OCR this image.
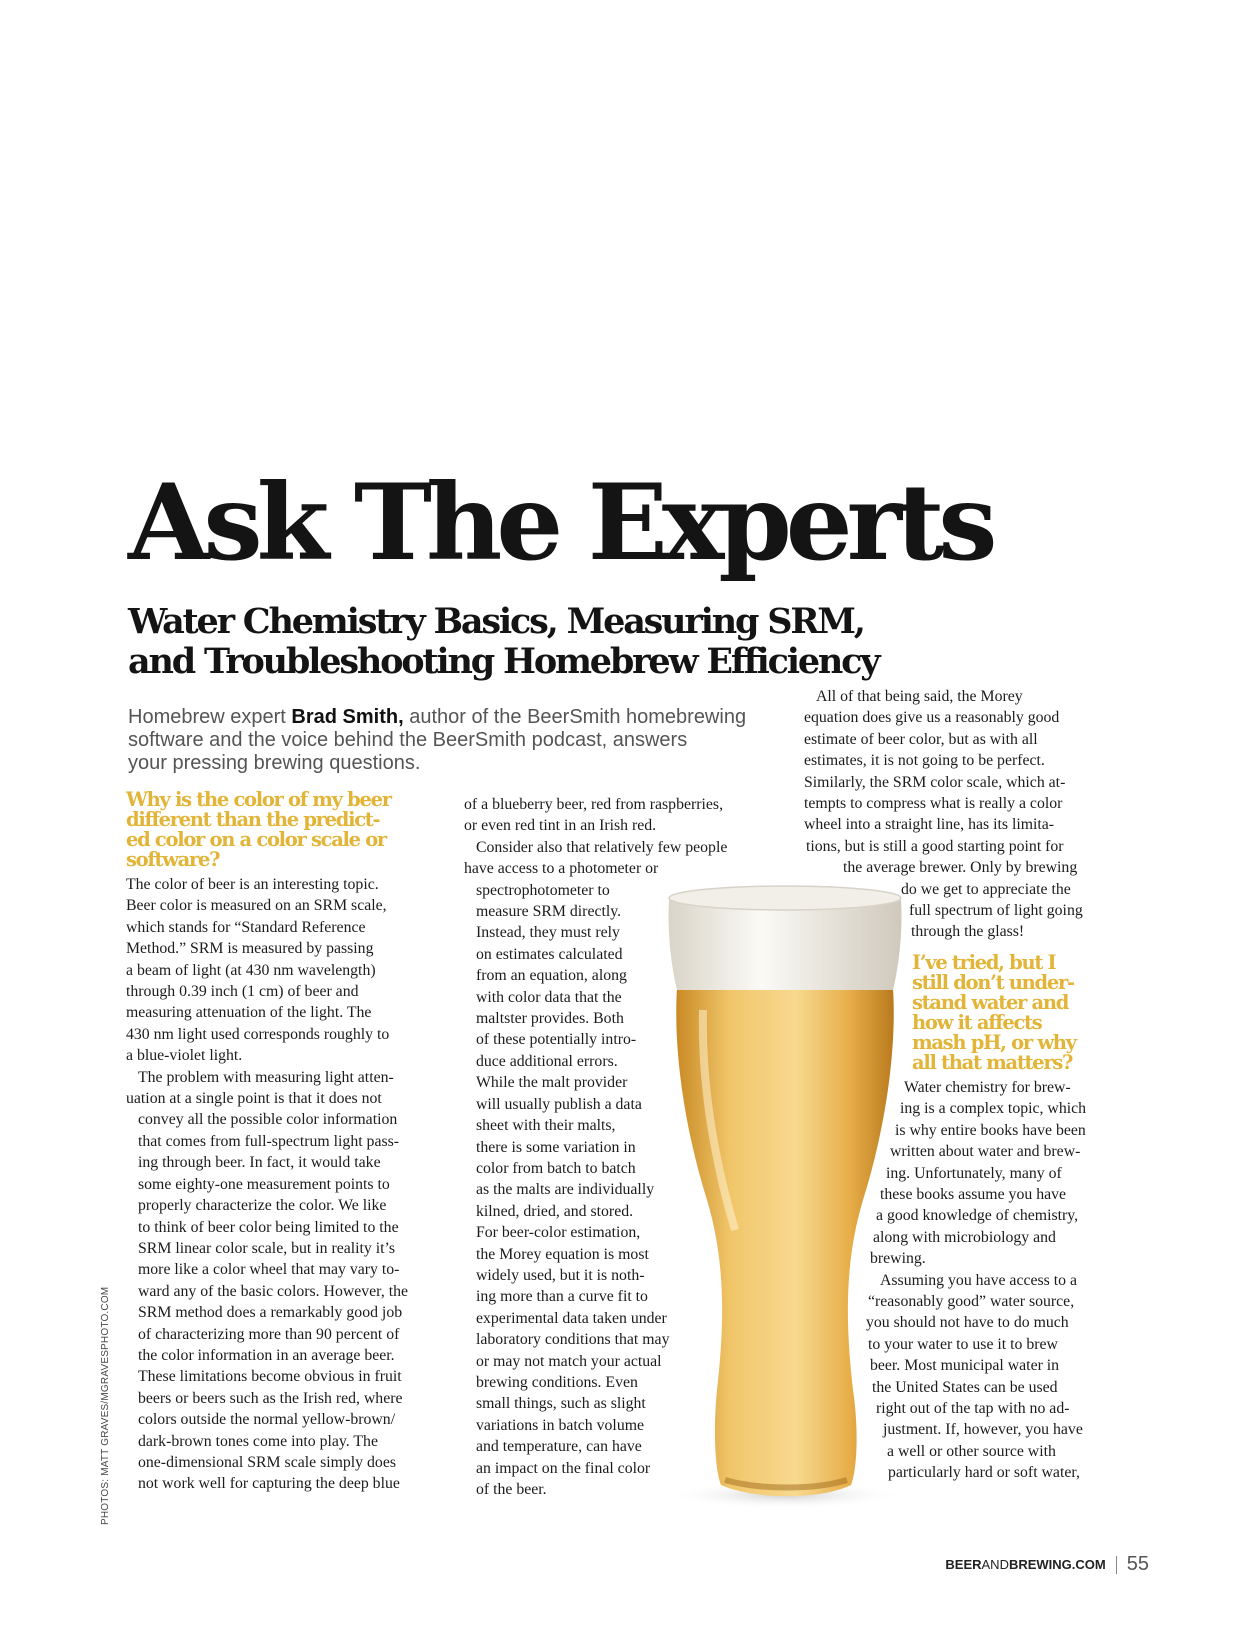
Ask The Experts
Water Chemistry Basics, Measuring SRM,
and Troubleshooting Homebrew Efficiency
Homebrew expert Brad Smith, author of the BeerSmith homebrewing
software and the voice behind the BeerSmith podcast, answers
your pressing brewing questions.
Why is the color of my beer
different than the predict-
ed color on a color scale or
software?

The color of beer is an interesting topic.
Beer color is measured on an SRM scale,
which stands for “Standard Reference
Method.” SRM is measured by passing
a beam of light (at 430 nm wavelength)
through 0.39 inch (1 cm) of beer and
measuring attenuation of the light. The
430 nm light used corresponds roughly to
a blue-violet light.

The problem with measuring light atten-
uation at a single point is that it does not
convey all the possible color information
that comes from full-spectrum light pass-
ing through beer. In fact, it would take
some eighty-one measurement points to
properly characterize the color. We like
to think of beer color being limited to the
SRM linear color scale, but in reality it’s
more like a color wheel that may vary to-
ward any of the basic colors. However, the
SRM method does a remarkably good job
of characterizing more than 90 percent of
the color information in an average beer.

These limitations become obvious in fruit
beers or beers such as the Irish red, where
colors outside the normal yellow-brown/
dark-brown tones come into play. The
one-dimensional SRM scale simply does
not work well for capturing the deep blue

of a blueberry beer, red from raspberries,
or even red tint in an Irish red.

Consider also that relatively few people
have access to a photometer or
spectrophotometer to
measure SRM directly.
Instead, they must rely
on estimates calculated
from an equation, along
with color data that the
maltster provides. Both
of these potentially intro-
duce additional errors.

While the malt provider
will usually publish a data
sheet with their malts,
there is some variation in
color from batch to batch
as the malts are individually
kilned, dried, and stored.
For beer-color estimation,
the Morey equation is most
widely used, but it is noth-
ing more than a curve fit to
experimental data taken under
laboratory conditions that may
or may not match your actual
brewing conditions. Even
small things, such as slight
variations in batch volume
and temperature, can have
an impact on the final color
of the beer.

All of that being said, the Morey
equation does give us a reasonably good
estimate of beer color, but as with all
estimates, it is not going to be perfect.
Similarly, the SRM color scale, which at-
tempts to compress what is really a color
wheel into a straight line, has its limita-
tions, but is still a good starting point for
the average brewer. Only by brewing
do we get to appreciate the
full spectrum of light going
through the glass!
I’ve tried, but I
still don’t under-
stand water and
how it affects
mash pH, or why
all that matters?
Water chemistry for brew-
ing is a complex topic, which
is why entire books have been
written about water and brew-
ing. Unfortunately, many of
these books assume you have
a good knowledge of chemistry,
along with microbiology and
brewing.
Assuming you have access to a
“reasonably good” water source,
you should not have to do much
to your water to use it to brew
beer. Most municipal water in
the United States can be used
right out of the tap with no ad-
justment. If, however, you have
a well or other source with
particularly hard or soft water,
PHOTOS: MATT GRAVES/MGRAVESPHOTO.COM
BEERANDBREWING.COM 55
